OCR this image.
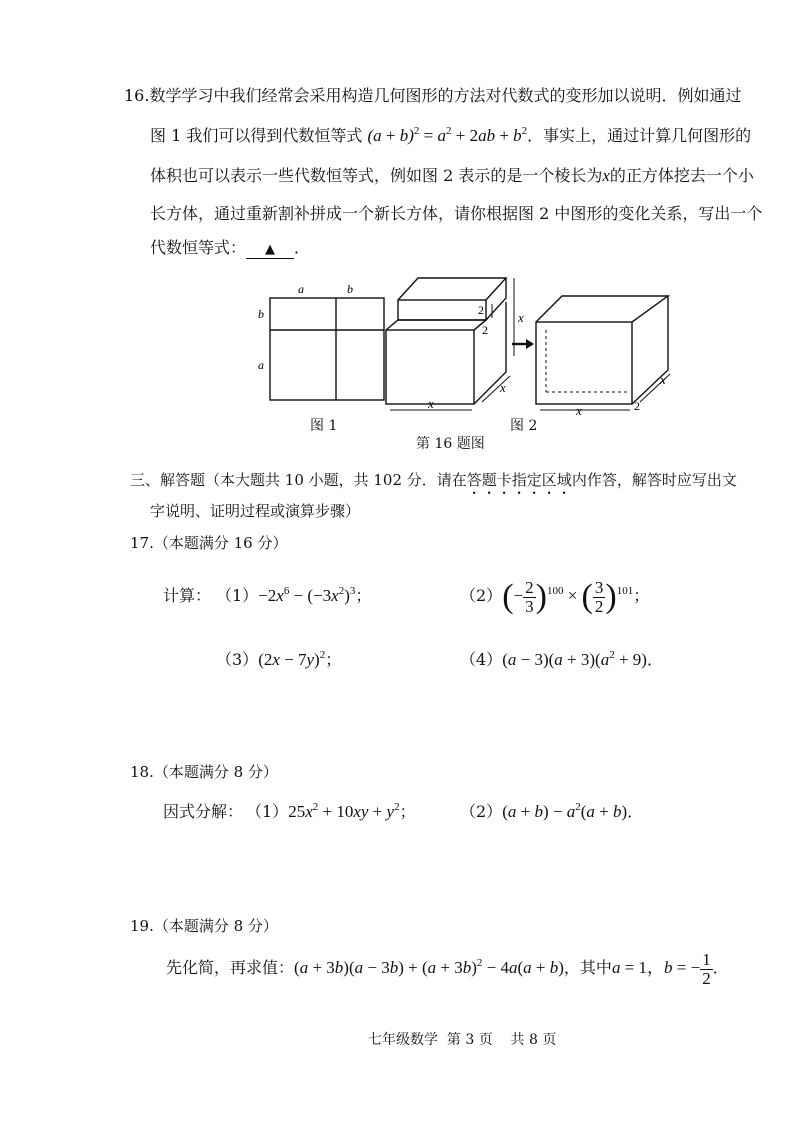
16.数学学习中我们经常会采用构造几何图形的方法对代数式的变形加以说明．例如通过
图 1 我们可以得到代数恒等式 $(a + b)^2 = a^2 + 2ab + b^2$．事实上，通过计算几何图形的
体积也可以表示一些代数恒等式，例如图 2 表示的是一个棱长为x的正方体挖去一个小
长方体，通过重新割补拼成一个新长方体，请你根据图 2 中图形的变化关系，写出一个
代数恒等式： ▲ ．
a	b
b
a
2
2
x
x
x
x
x
2
图 1	图 2
第 16 题图
三、解答题（本大题共 10 小题，共 102 分．请在答题卡指定区域内作答，解答时应写出文
字说明、证明过程或演算步骤）
17.（本题满分 16 分）
计算： $(1)-2x^6 - (-3x^2)^3$；	$(2)(- \frac{2}{3} )^{100}$ × ( $\frac{3}{2} )^{101}$；
$(3)(2x - 7y)^2$；	$(4)(a - 3)(a + 3)(a^2 + 9)$．
18.（本题满分 8 分）
因式分解： $(1)25x^2 + 10xy + y^2$；	$(2)(a + b) - a^2(a + b)$．
19.（本题满分 8 分）
先化简，再求值：$(a + 3b)(a - 3b) + (a + 3b)^2 - 4a(a + b)$，其中a = 1，b = − $\frac{1}{2}$ ．
七年级数学  第 3 页    共 8 页
